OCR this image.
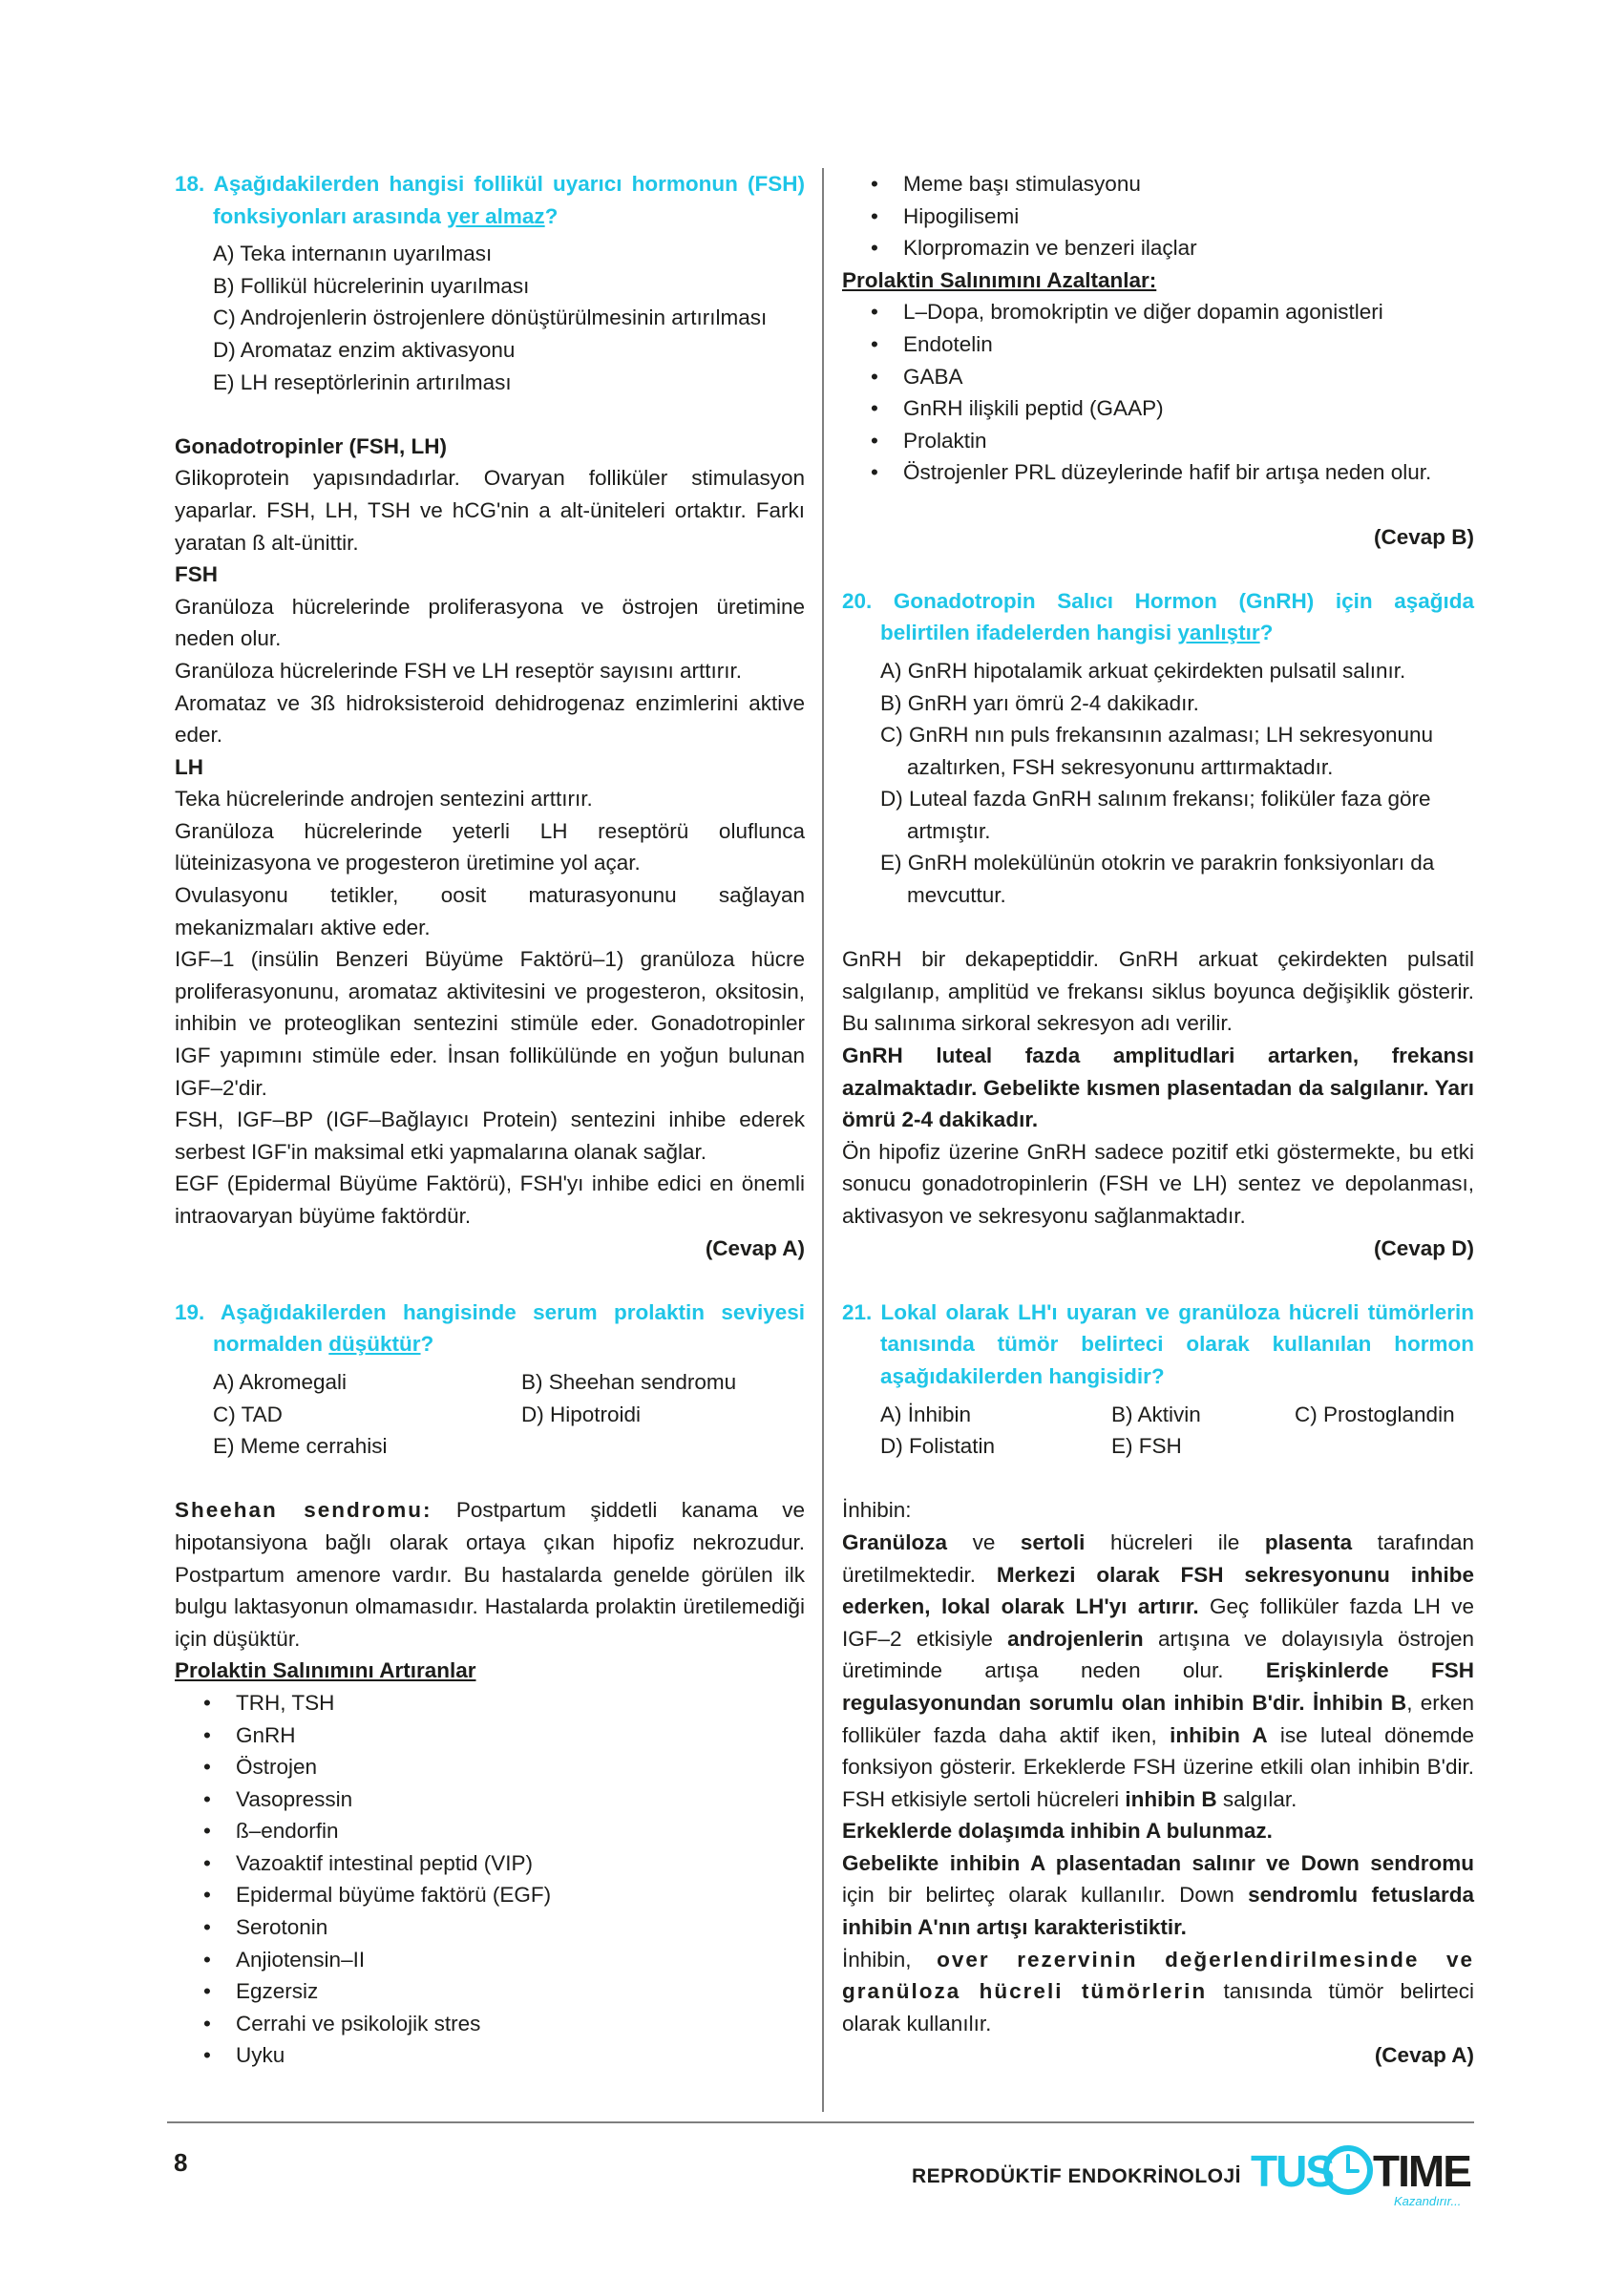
18. Aşağıdakilerden hangisi follikül uyarıcı hormonun (FSH) fonksiyonları arasında yer almaz?

A) Teka internanın uyarılması

B) Follikül hücrelerinin uyarılması

C) Androjenlerin östrojenlere dönüştürülmesinin artırılması

D) Aromataz enzim aktivasyonu

E) LH reseptörlerinin artırılması

Gonadotropinler (FSH, LH)

Glikoprotein yapısındadırlar. Ovaryan folliküler stimulasyon yaparlar. FSH, LH, TSH ve hCG'nin a alt-üniteleri ortaktır. Farkı yaratan ß alt-ünittir.

FSH

Granüloza hücrelerinde proliferasyona ve östrojen üretimine neden olur.

Granüloza hücrelerinde FSH ve LH reseptör sayısını arttırır.

Aromataz ve 3ß hidroksisteroid dehidrogenaz enzimlerini aktive eder.

LH

Teka hücrelerinde androjen sentezini arttırır.

Granüloza hücrelerinde yeterli LH reseptörü oluflunca lüteinizasyona ve progesteron üretimine yol açar.

Ovulasyonu tetikler, oosit maturasyonunu sağlayan mekanizmaları aktive eder.

IGF–1 (insülin Benzeri Büyüme Faktörü–1) granüloza hücre proliferasyonunu, aromataz aktivitesini ve progesteron, oksitosin, inhibin ve proteoglikan sentezini stimüle eder. Gonadotropinler IGF yapımını stimüle eder. İnsan follikülünde en yoğun bulunan IGF–2'dir.

FSH, IGF–BP (IGF–Bağlayıcı Protein) sentezini inhibe ederek serbest IGF'in maksimal etki yapmalarına olanak sağlar.

EGF (Epidermal Büyüme Faktörü), FSH'yı inhibe edici en önemli intraovaryan büyüme faktördür.

(Cevap A)

19. Aşağıdakilerden hangisinde serum prolaktin seviyesi normalden düşüktür?

A) Akromegali	B) Sheehan sendromu

C) TAD	D) Hipotroidi

E) Meme cerrahisi

Sheehan sendromu: Postpartum şiddetli kanama ve hipotansiyona bağlı olarak ortaya çıkan hipofiz nekrozudur. Postpartum amenore vardır. Bu hastalarda genelde görülen ilk bulgu laktasyonun olmamasıdır. Hastalarda prolaktin üretilemediği için düşüktür.

Prolaktin Salınımını Artıranlar

• TRH, TSH
• GnRH
• Östrojen
• Vasopressin
• ß–endorfin
• Vazoaktif intestinal peptid (VIP)
• Epidermal büyüme faktörü (EGF)
• Serotonin
• Anjiotensin–II
• Egzersiz
• Cerrahi ve psikolojik stres
• Uyku
• Meme başı stimulasyonu
• Hipogilisemi
• Klorpromazin ve benzeri ilaçlar

Prolaktin Salınımını Azaltanlar:

• L–Dopa, bromokriptin ve diğer dopamin agonistleri
• Endotelin
• GABA
• GnRH ilişkili peptid (GAAP)
• Prolaktin
• Östrojenler PRL düzeylerinde hafif bir artışa neden olur.

(Cevap B)

20. Gonadotropin Salıcı Hormon (GnRH) için aşağıda belirtilen ifadelerden hangisi yanlıştır?

A) GnRH hipotalamik arkuat çekirdekten pulsatil salınır.

B) GnRH yarı ömrü 2-4 dakikadır.

C) GnRH nın puls frekansının azalması; LH sekresyonunu azaltırken, FSH sekresyonunu arttırmaktadır.

D) Luteal fazda GnRH salınım frekansı; foliküler faza göre artmıştır.

E) GnRH molekülünün otokrin ve parakrin fonksiyonları da mevcuttur.

GnRH bir dekapeptiddir. GnRH arkuat çekirdekten pulsatil salgılanıp, amplitüd ve frekansı siklus boyunca değişiklik gösterir. Bu salınıma sirkoral sekresyon adı verilir.

GnRH luteal fazda amplitudlari artarken, frekansı azalmaktadır. Gebelikte kısmen plasentadan da salgılanır. Yarı ömrü 2-4 dakikadır.

Ön hipofiz üzerine GnRH sadece pozitif etki göstermekte, bu etki sonucu gonadotropinlerin (FSH ve LH) sentez ve depolanması, aktivasyon ve sekresyonu sağlanmaktadır.

(Cevap D)

21. Lokal olarak LH'ı uyaran ve granüloza hücreli tümörlerin tanısında tümör belirteci olarak kullanılan hormon aşağıdakilerden hangisidir?

A) İnhibin	B) Aktivin	C) Prostoglandin

D) Folistatin	E) FSH

İnhibin:

Granüloza ve sertoli hücreleri ile plasenta tarafından üretilmektedir. Merkezi olarak FSH sekresyonunu inhibe ederken, lokal olarak LH'yı artırır. Geç folliküler fazda LH ve IGF–2 etkisiyle androjenlerin artışına ve dolayısıyla östrojen üretiminde artışa neden olur. Erişkinlerde FSH regulasyonundan sorumlu olan inhibin B'dir. İnhibin B, erken folliküler fazda daha aktif iken, inhibin A ise luteal dönemde fonksiyon gösterir. Erkeklerde FSH üzerine etkili olan inhibin B'dir. FSH etkisiyle sertoli hücreleri inhibin B salgılar.

Erkeklerde dolaşımda inhibin A bulunmaz.

Gebelikte inhibin A plasentadan salınır ve Down sendromu için bir belirteç olarak kullanılır. Down sendromlu fetuslarda inhibin A'nın artışı karakteristiktir.

İnhibin, over rezervinin değerlendirilmesinde ve granüloza hücreli tümörlerin tanısında tümör belirteci olarak kullanılır.

(Cevap A)

8	REPRODÜKTİF ENDOKRİNOLOJİ TUS TIME
Kazandırır...
